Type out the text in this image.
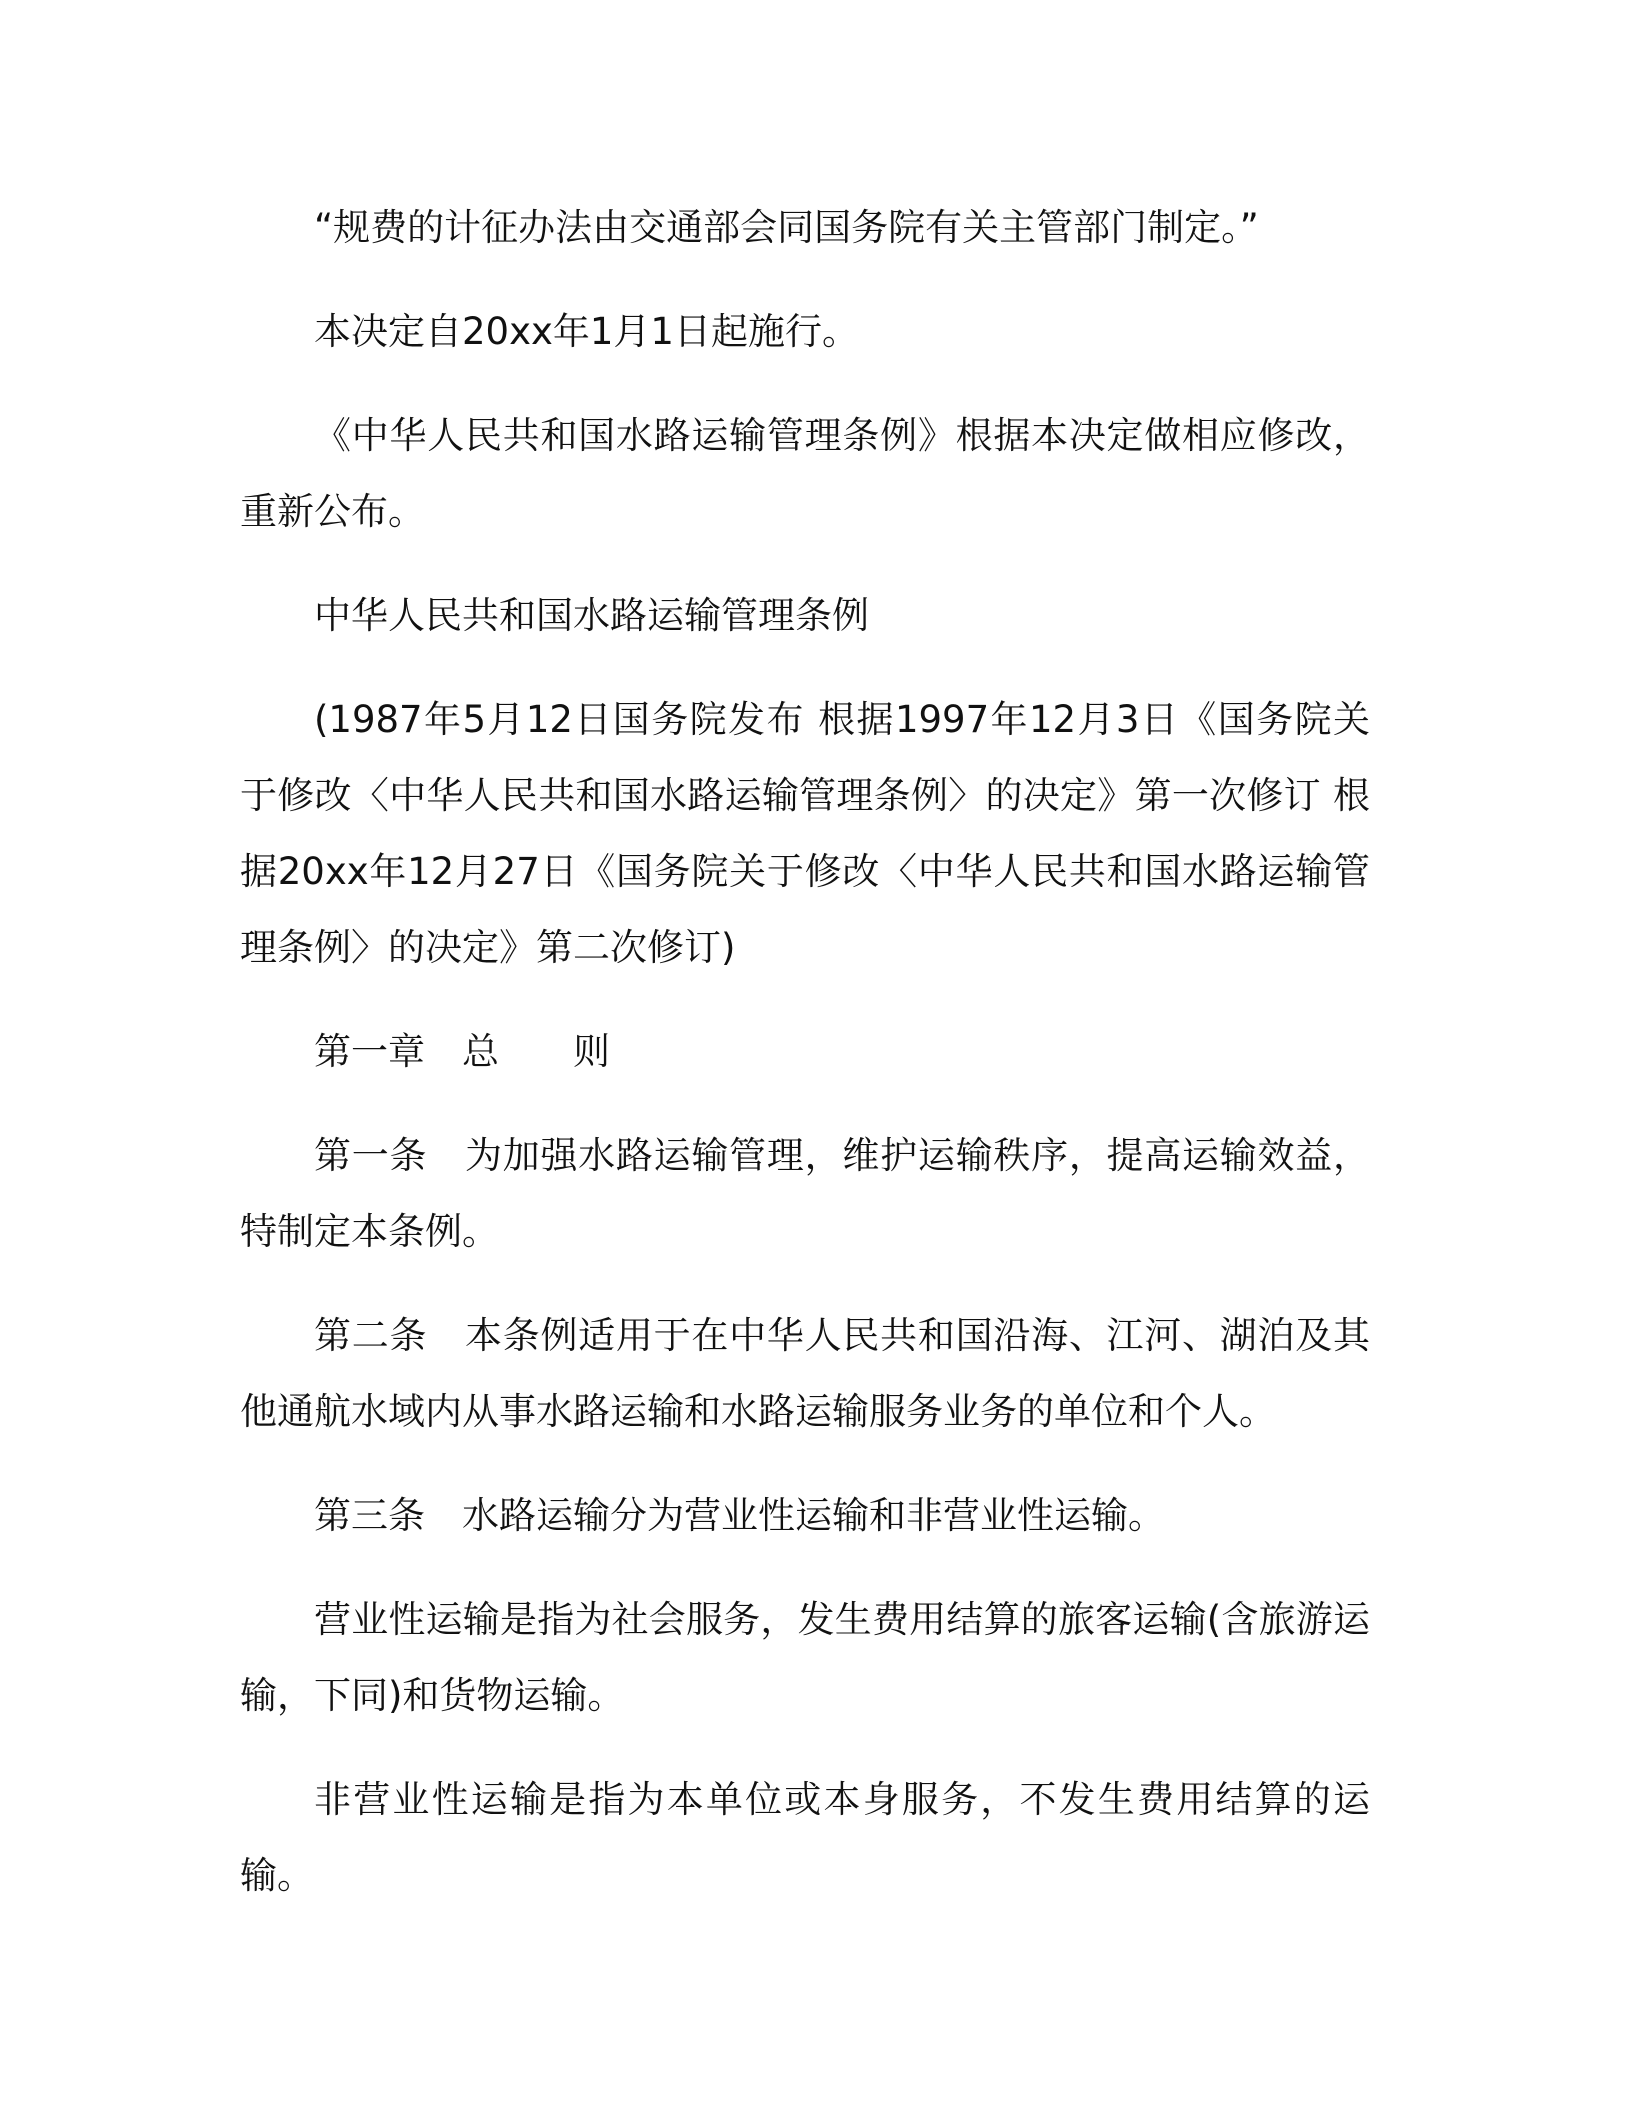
“规费的计征办法由交通部会同国务院有关主管部门制定。”

本决定自20xx年1月1日起施行。

《中华人民共和国水路运输管理条例》根据本决定做相应修改，重新公布。

中华人民共和国水路运输管理条例

(1987年5月12日国务院发布 根据1997年12月3日《国务院关于修改〈中华人民共和国水路运输管理条例〉的决定》第一次修订 根据20xx年12月27日《国务院关于修改〈中华人民共和国水路运输管理条例〉的决定》第二次修订)

第一章　总　　则

第一条　为加强水路运输管理，维护运输秩序，提高运输效益，特制定本条例。

第二条　本条例适用于在中华人民共和国沿海、江河、湖泊及其他通航水域内从事水路运输和水路运输服务业务的单位和个人。

第三条　水路运输分为营业性运输和非营业性运输。

营业性运输是指为社会服务，发生费用结算的旅客运输(含旅游运输，下同)和货物运输。

非营业性运输是指为本单位或本身服务，不发生费用结算的运输。
